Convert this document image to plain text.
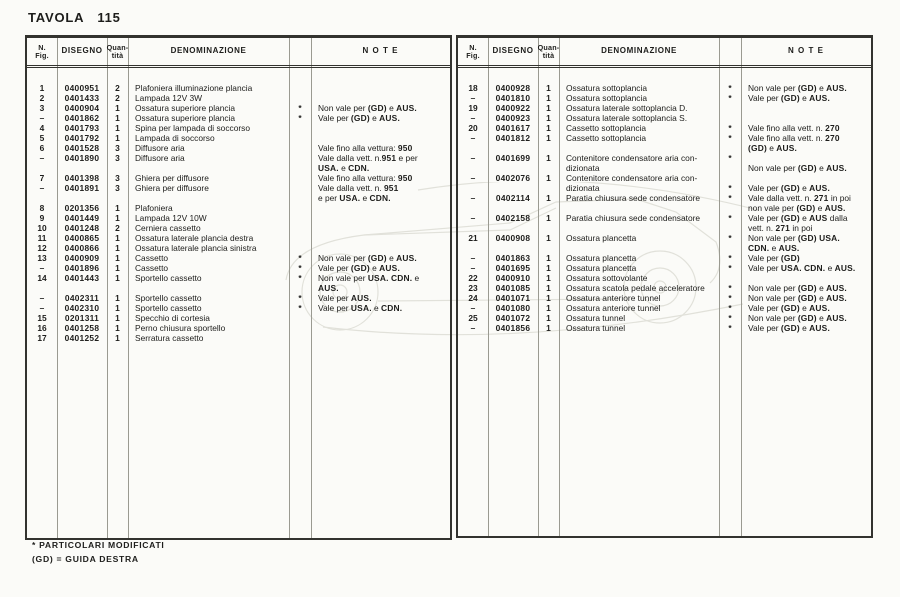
TAVOLA 115
N.
Fig.	DISEGNO Quan-
tità	DENOMINAZIONE	N O T E
1	0400951	2	Plafoniera illuminazione plancia
2	0401433	2	Lampada 12V 3W
3	0400904	1	Ossatura superiore plancia	*	Non vale per (GD) e AUS.
–	0401862	1	Ossatura superiore plancia	*	Vale per (GD) e AUS.
4	0401793	1	Spina per lampada di soccorso
5	0401792	1	Lampada di soccorso
6	0401528	3	Diffusore aria	Vale fino alla vettura: 950
–	0401890	3	Diffusore aria	Vale dalla vett. n.951 e per
USA. e CDN.
7	0401398	3	Ghiera per diffusore	Vale fino alla vettura: 950
–	0401891	3	Ghiera per diffusore	Vale dalla vett. n. 951
e per USA. e CDN.
8	0201356	1	Plafoniera
9	0401449	1	Lampada 12V 10W
10	0401248	2	Cerniera cassetto
11	0400865	1	Ossatura laterale plancia destra
12	0400866	1	Ossatura laterale plancia sinistra
13	0400909	1	Cassetto	*	Non vale per (GD) e AUS.
–	0401896	1	Cassetto	*	Vale per (GD) e AUS.
14	0401443	1	Sportello cassetto	*	Non vale per USA. CDN. e
AUS.
–	0402311	1	Sportello cassetto	*	Vale per AUS.
–	0402310	1	Sportello cassetto	*	Vale per USA. e CDN.
15	0201311	1	Specchio di cortesia
16	0401258	1	Perno chiusura sportello
17	0401252	1	Serratura cassetto
N.
Fig.	DISEGNO Quan-
tità	DENOMINAZIONE	N O T E
18	0400928	1	Ossatura sottoplancia	*	Non vale per (GD) e AUS.
–	0401810	1	Ossatura sottoplancia	*	Vale per (GD) e AUS.
19	0400922	1	Ossatura laterale sottoplancia D.
–	0400923	1	Ossatura laterale sottoplancia S.
20	0401617	1	Cassetto sottoplancia	*	Vale fino alla vett. n. 270
–	0401812	1	Cassetto sottoplancia	*	Vale fino alla vett. n. 270
(GD) e AUS.
–	0401699	1	Contenitore condensatore aria con-	*
dizionata	Non vale per (GD) e AUS.
–	0402076	1	Contenitore condensatore aria con-
dizionata	*	Vale per (GD) e AUS.
–	0402114	1	Paratia chiusura sede condensatore	*	Vale dalla vett. n. 271 in poi
non vale per (GD) e AUS.
–	0402158	1	Paratia chiusura sede condensatore	*	Vale per (GD) e AUS dalla
vett. n. 271 in poi
21	0400908	1	Ossatura plancetta	*	Non vale per (GD) USA.
CDN. e AUS.
–	0401863	1	Ossatura plancetta	*	Vale per (GD)
–	0401695	1	Ossatura plancetta	*	Vale per USA. CDN. e AUS.
22	0400910	1	Ossatura sottovolante
23	0401085	1	Ossatura scatola pedale acceleratore	*	Non vale per (GD) e AUS.
24	0401071	1	Ossatura anteriore tunnel	*	Non vale per (GD) e AUS.
–	0401080	1	Ossatura anteriore tunnel	*	Vale per (GD) e AUS.
25	0401072	1	Ossatura tunnel	*	Non vale per (GD) e AUS.
–	0401856	1	Ossatura tunnel	*	Vale per (GD) e AUS.
* PARTICOLARI MODIFICATI
(GD) = GUIDA DESTRA
